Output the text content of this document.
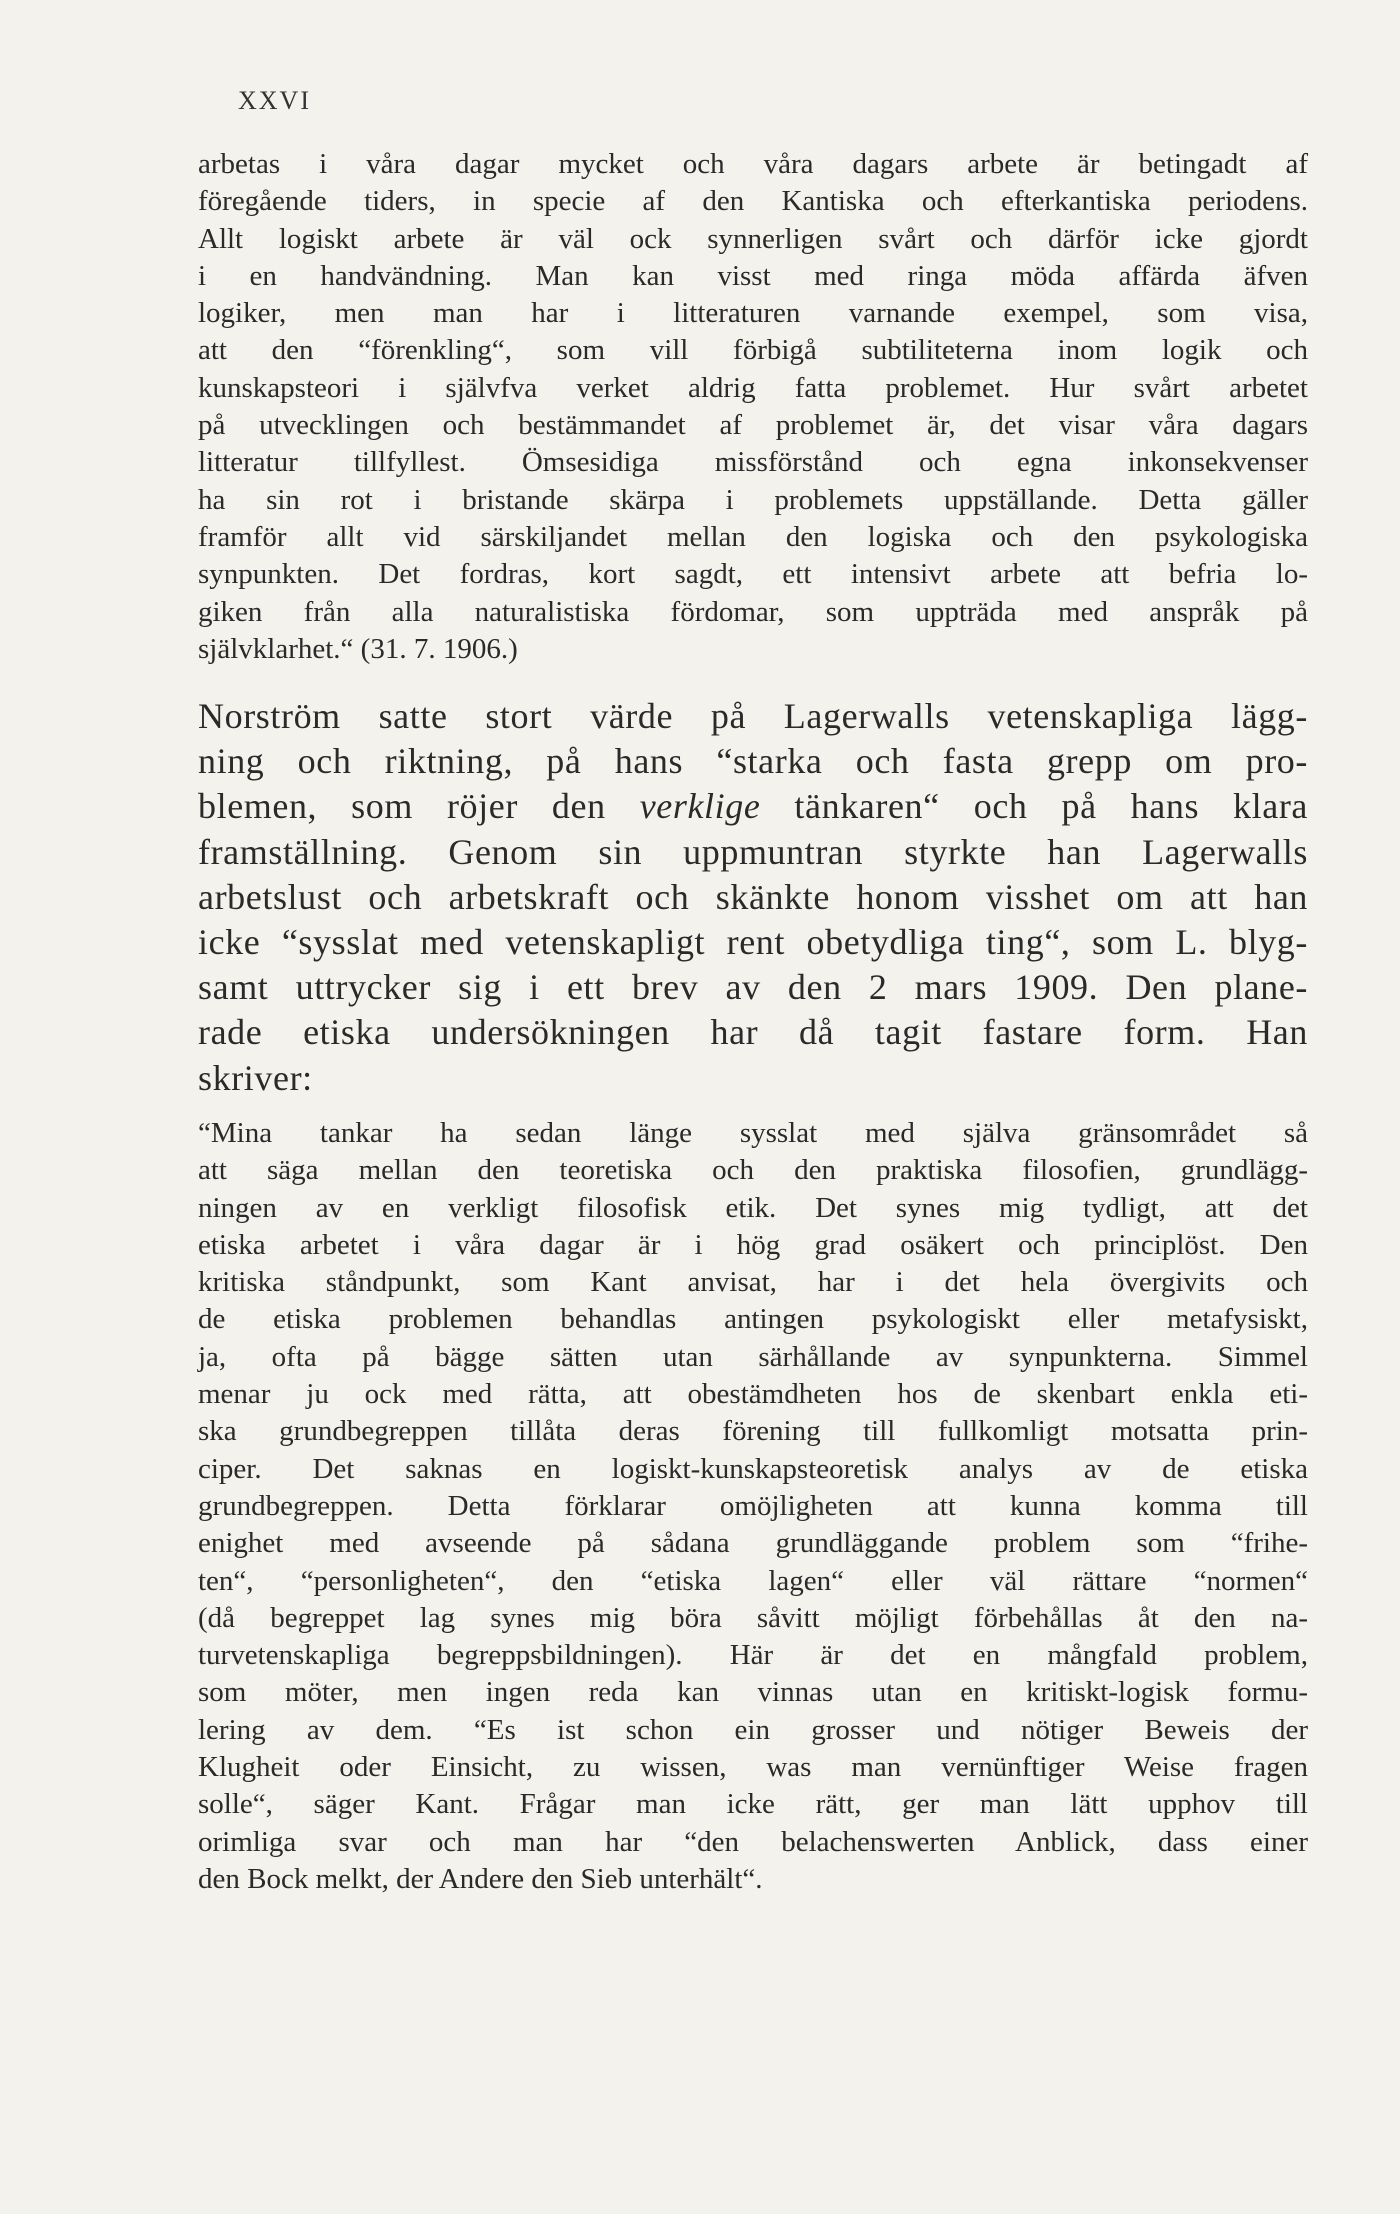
XXVI
arbetas i våra dagar mycket och våra dagars arbete är betingadt af
föregående tiders, in specie af den Kantiska och efterkantiska periodens.
Allt logiskt arbete är väl ock synnerligen svårt och därför icke gjordt
i en handvändning. Man kan visst med ringa möda affärda äfven
logiker, men man har i litteraturen varnande exempel, som visa,
att den “förenkling“, som vill förbigå subtiliteterna inom logik och
kunskapsteori i självfva verket aldrig fatta problemet. Hur svårt arbetet
på utvecklingen och bestämmandet af problemet är, det visar våra dagars
litteratur tillfyllest. Ömsesidiga missförstånd och egna inkonsekvenser
ha sin rot i bristande skärpa i problemets uppställande. Detta gäller
framför allt vid särskiljandet mellan den logiska och den psykologiska
synpunkten. Det fordras, kort sagdt, ett intensivt arbete att befria lo-
giken från alla naturalistiska fördomar, som uppträda med anspråk på
självklarhet.“ (31. 7. 1906.)
Norström satte stort värde på Lagerwalls vetenskapliga lägg-
ning och riktning, på hans “starka och fasta grepp om pro-
blemen, som röjer den verklige tänkaren“ och på hans klara
framställning. Genom sin uppmuntran styrkte han Lagerwalls
arbetslust och arbetskraft och skänkte honom visshet om att han
icke “sysslat med vetenskapligt rent obetydliga ting“, som L. blyg-
samt uttrycker sig i ett brev av den 2 mars 1909. Den plane-
rade etiska undersökningen har då tagit fastare form. Han
skriver:
“Mina tankar ha sedan länge sysslat med själva gränsområdet så
att säga mellan den teoretiska och den praktiska filosofien, grundlägg-
ningen av en verkligt filosofisk etik. Det synes mig tydligt, att det
etiska arbetet i våra dagar är i hög grad osäkert och principlöst. Den
kritiska ståndpunkt, som Kant anvisat, har i det hela övergivits och
de etiska problemen behandlas antingen psykologiskt eller metafysiskt,
ja, ofta på bägge sätten utan särhållande av synpunkterna. Simmel
menar ju ock med rätta, att obestämdheten hos de skenbart enkla eti-
ska grundbegreppen tillåta deras förening till fullkomligt motsatta prin-
ciper. Det saknas en logiskt-kunskapsteoretisk analys av de etiska
grundbegreppen. Detta förklarar omöjligheten att kunna komma till
enighet med avseende på sådana grundläggande problem som “frihe-
ten“, “personligheten“, den “etiska lagen“ eller väl rättare “normen“
(då begreppet lag synes mig böra såvitt möjligt förbehållas åt den na-
turvetenskapliga begreppsbildningen). Här är det en mångfald problem,
som möter, men ingen reda kan vinnas utan en kritiskt-logisk formu-
lering av dem. “Es ist schon ein grosser und nötiger Beweis der
Klugheit oder Einsicht, zu wissen, was man vernünftiger Weise fragen
solle“, säger Kant. Frågar man icke rätt, ger man lätt upphov till
orimliga svar och man har “den belachenswerten Anblick, dass einer
den Bock melkt, der Andere den Sieb unterhält“.
